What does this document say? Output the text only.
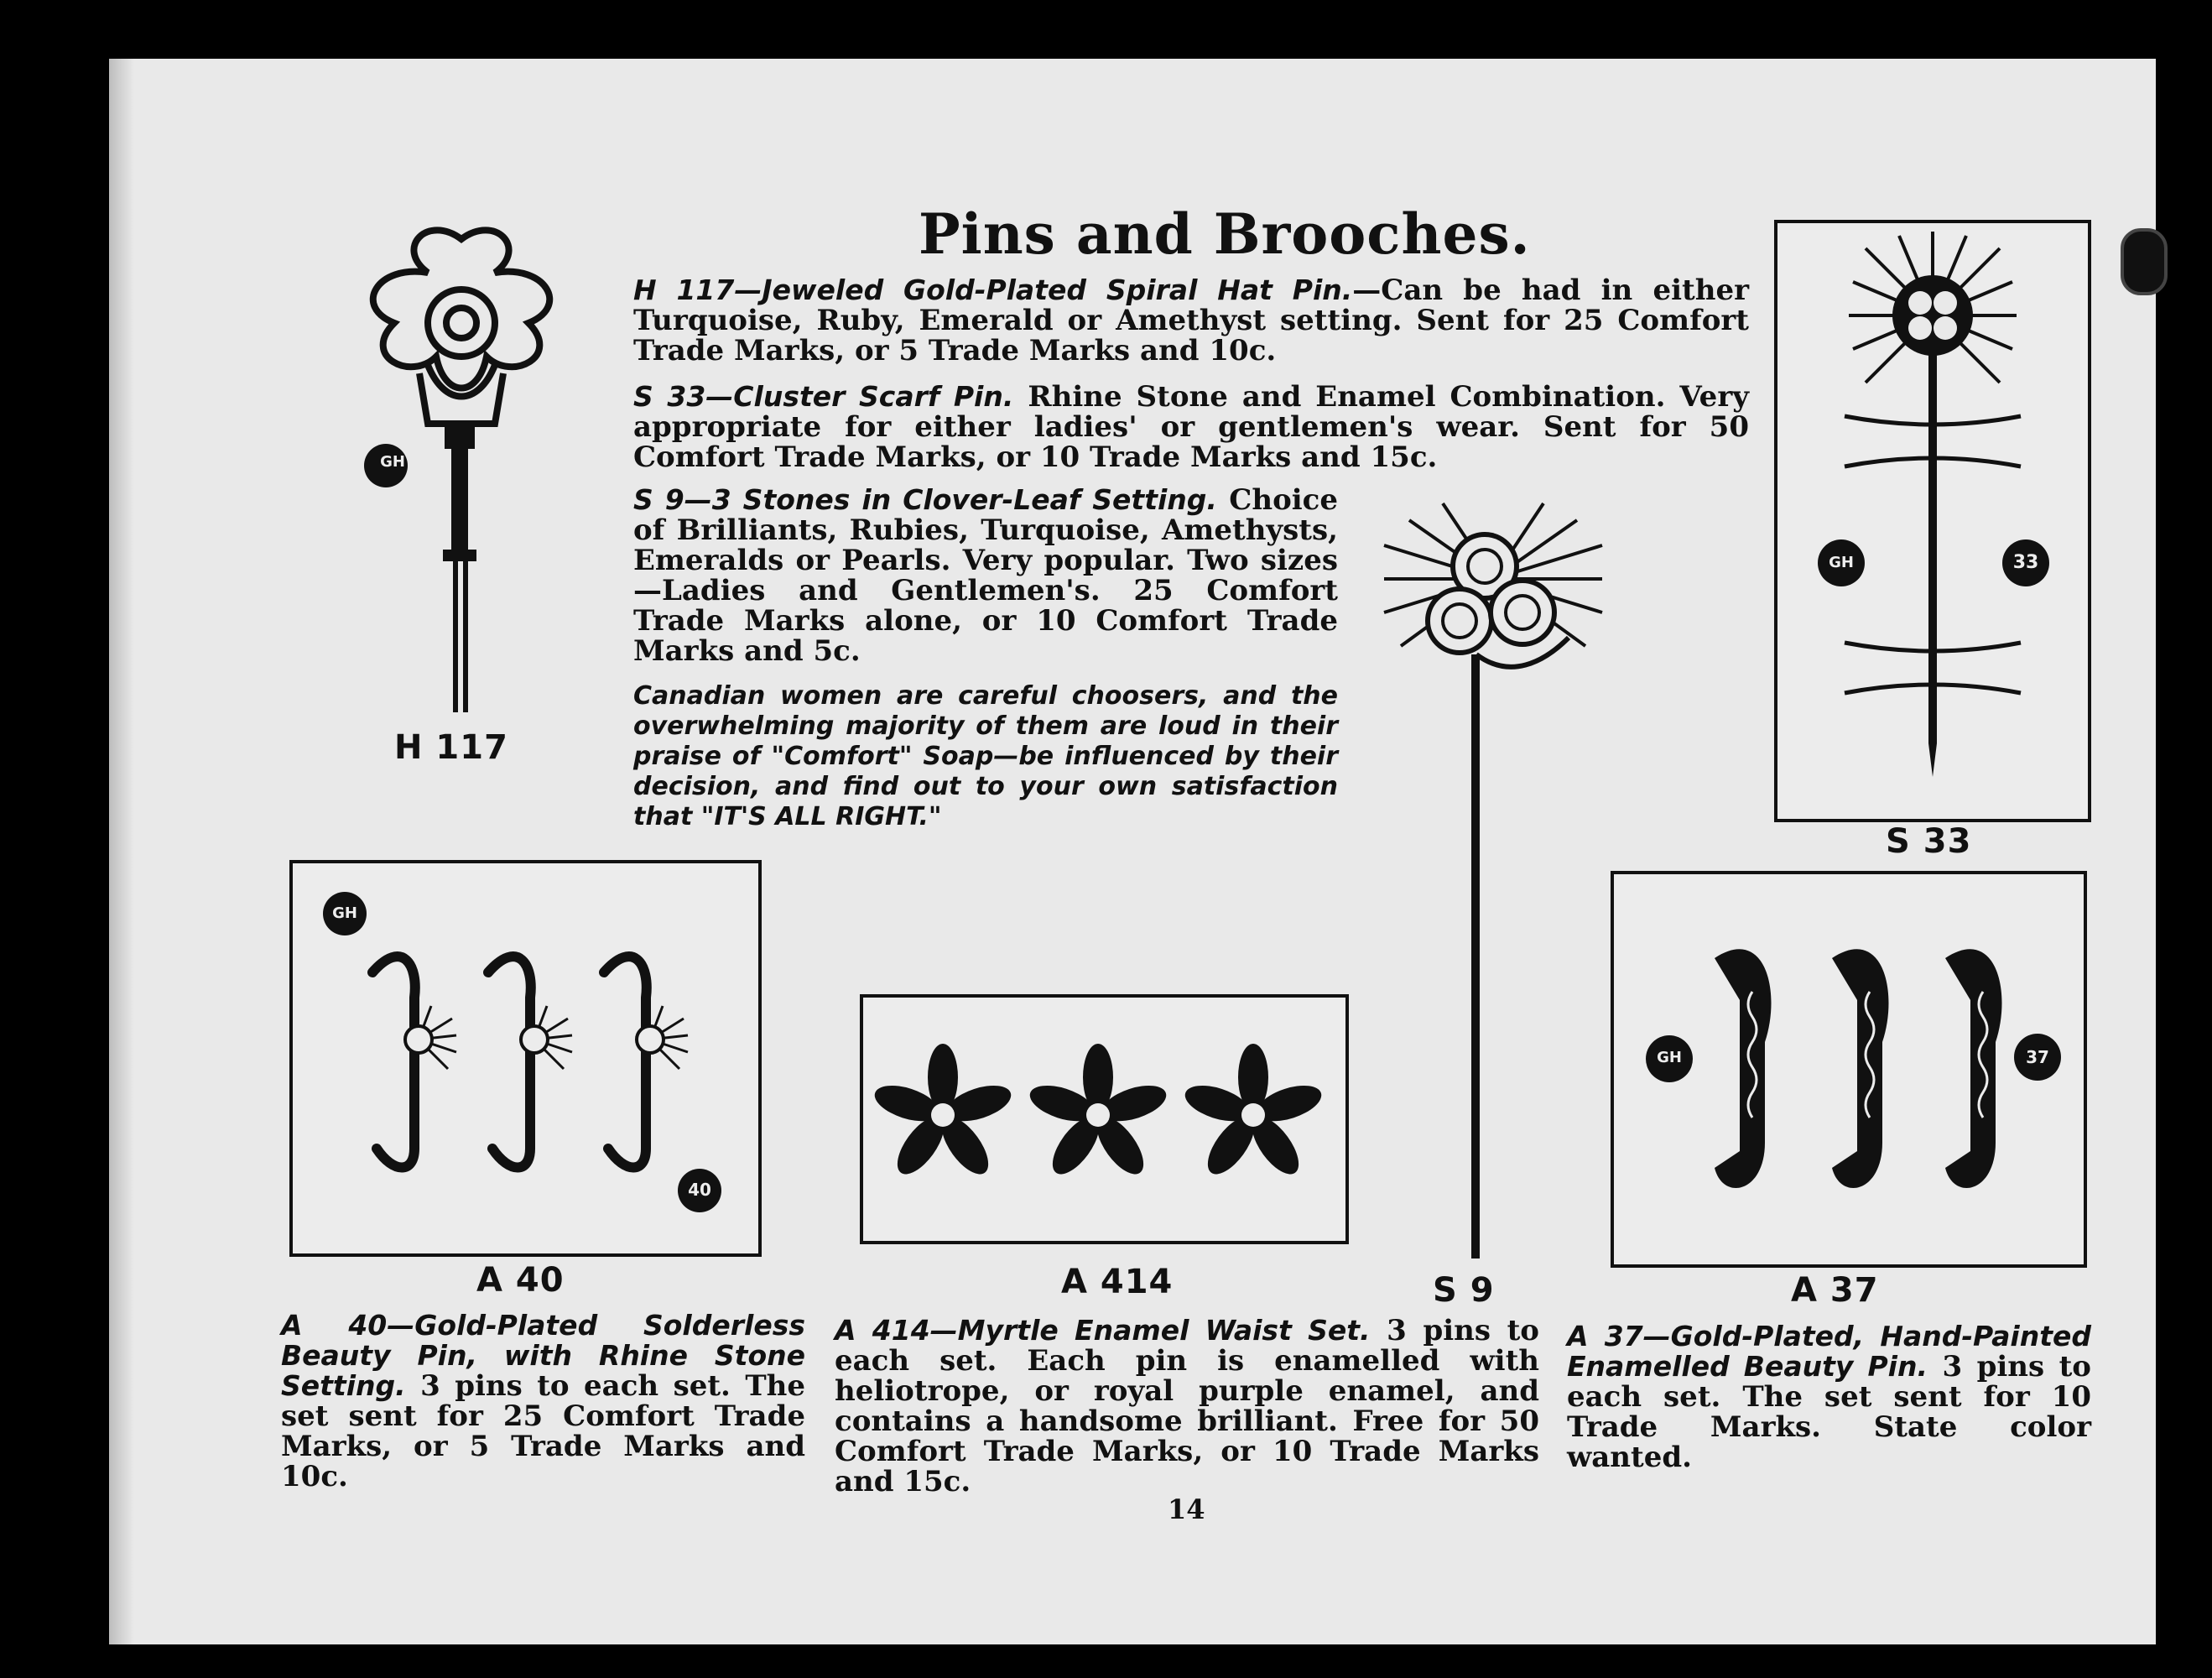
Pins and Brooches.
H 117—Jeweled Gold-Plated Spiral Hat Pin.—Can be had in either Turquoise, Ruby, Emerald or Amethyst setting. Sent for 25 Comfort Trade Marks, or 5 Trade Marks and 10c.
S 33—Cluster Scarf Pin. Rhine Stone and Enamel Combination. Very appropriate for either ladies' or gentlemen's wear. Sent for 50 Comfort Trade Marks, or 10 Trade Marks and 15c.
S 9—3 Stones in Clover-Leaf Setting. Choice of Brilliants, Rubies, Turquoise, Amethysts, Emeralds or Pearls. Very popular. Two sizes—Ladies and Gentlemen's. 25 Comfort Trade Marks alone, or 10 Comfort Trade Marks and 5c.
Canadian women are careful choosers, and the overwhelming majority of them are loud in their praise of "Comfort" Soap—be influenced by their decision, and find out to your own satisfaction that "IT'S ALL RIGHT."
GH
H 117
S 9
GH	33
S 33
GH
40
A 40	A 414
GH	37
A 37
A 40—Gold-Plated Solderless Beauty Pin, with Rhine Stone Setting. 3 pins to each set. The set sent for 25 Comfort Trade Marks, or 5 Trade Marks and 10c.
A 414—Myrtle Enamel Waist Set. 3 pins to each set. Each pin is enamelled with heliotrope, or royal purple enamel, and contains a handsome brilliant. Free for 50 Comfort Trade Marks, or 10 Trade Marks and 15c.
A 37—Gold-Plated, Hand-Painted Enamelled Beauty Pin. 3 pins to each set. The set sent for 10 Trade Marks. State color wanted.
14
